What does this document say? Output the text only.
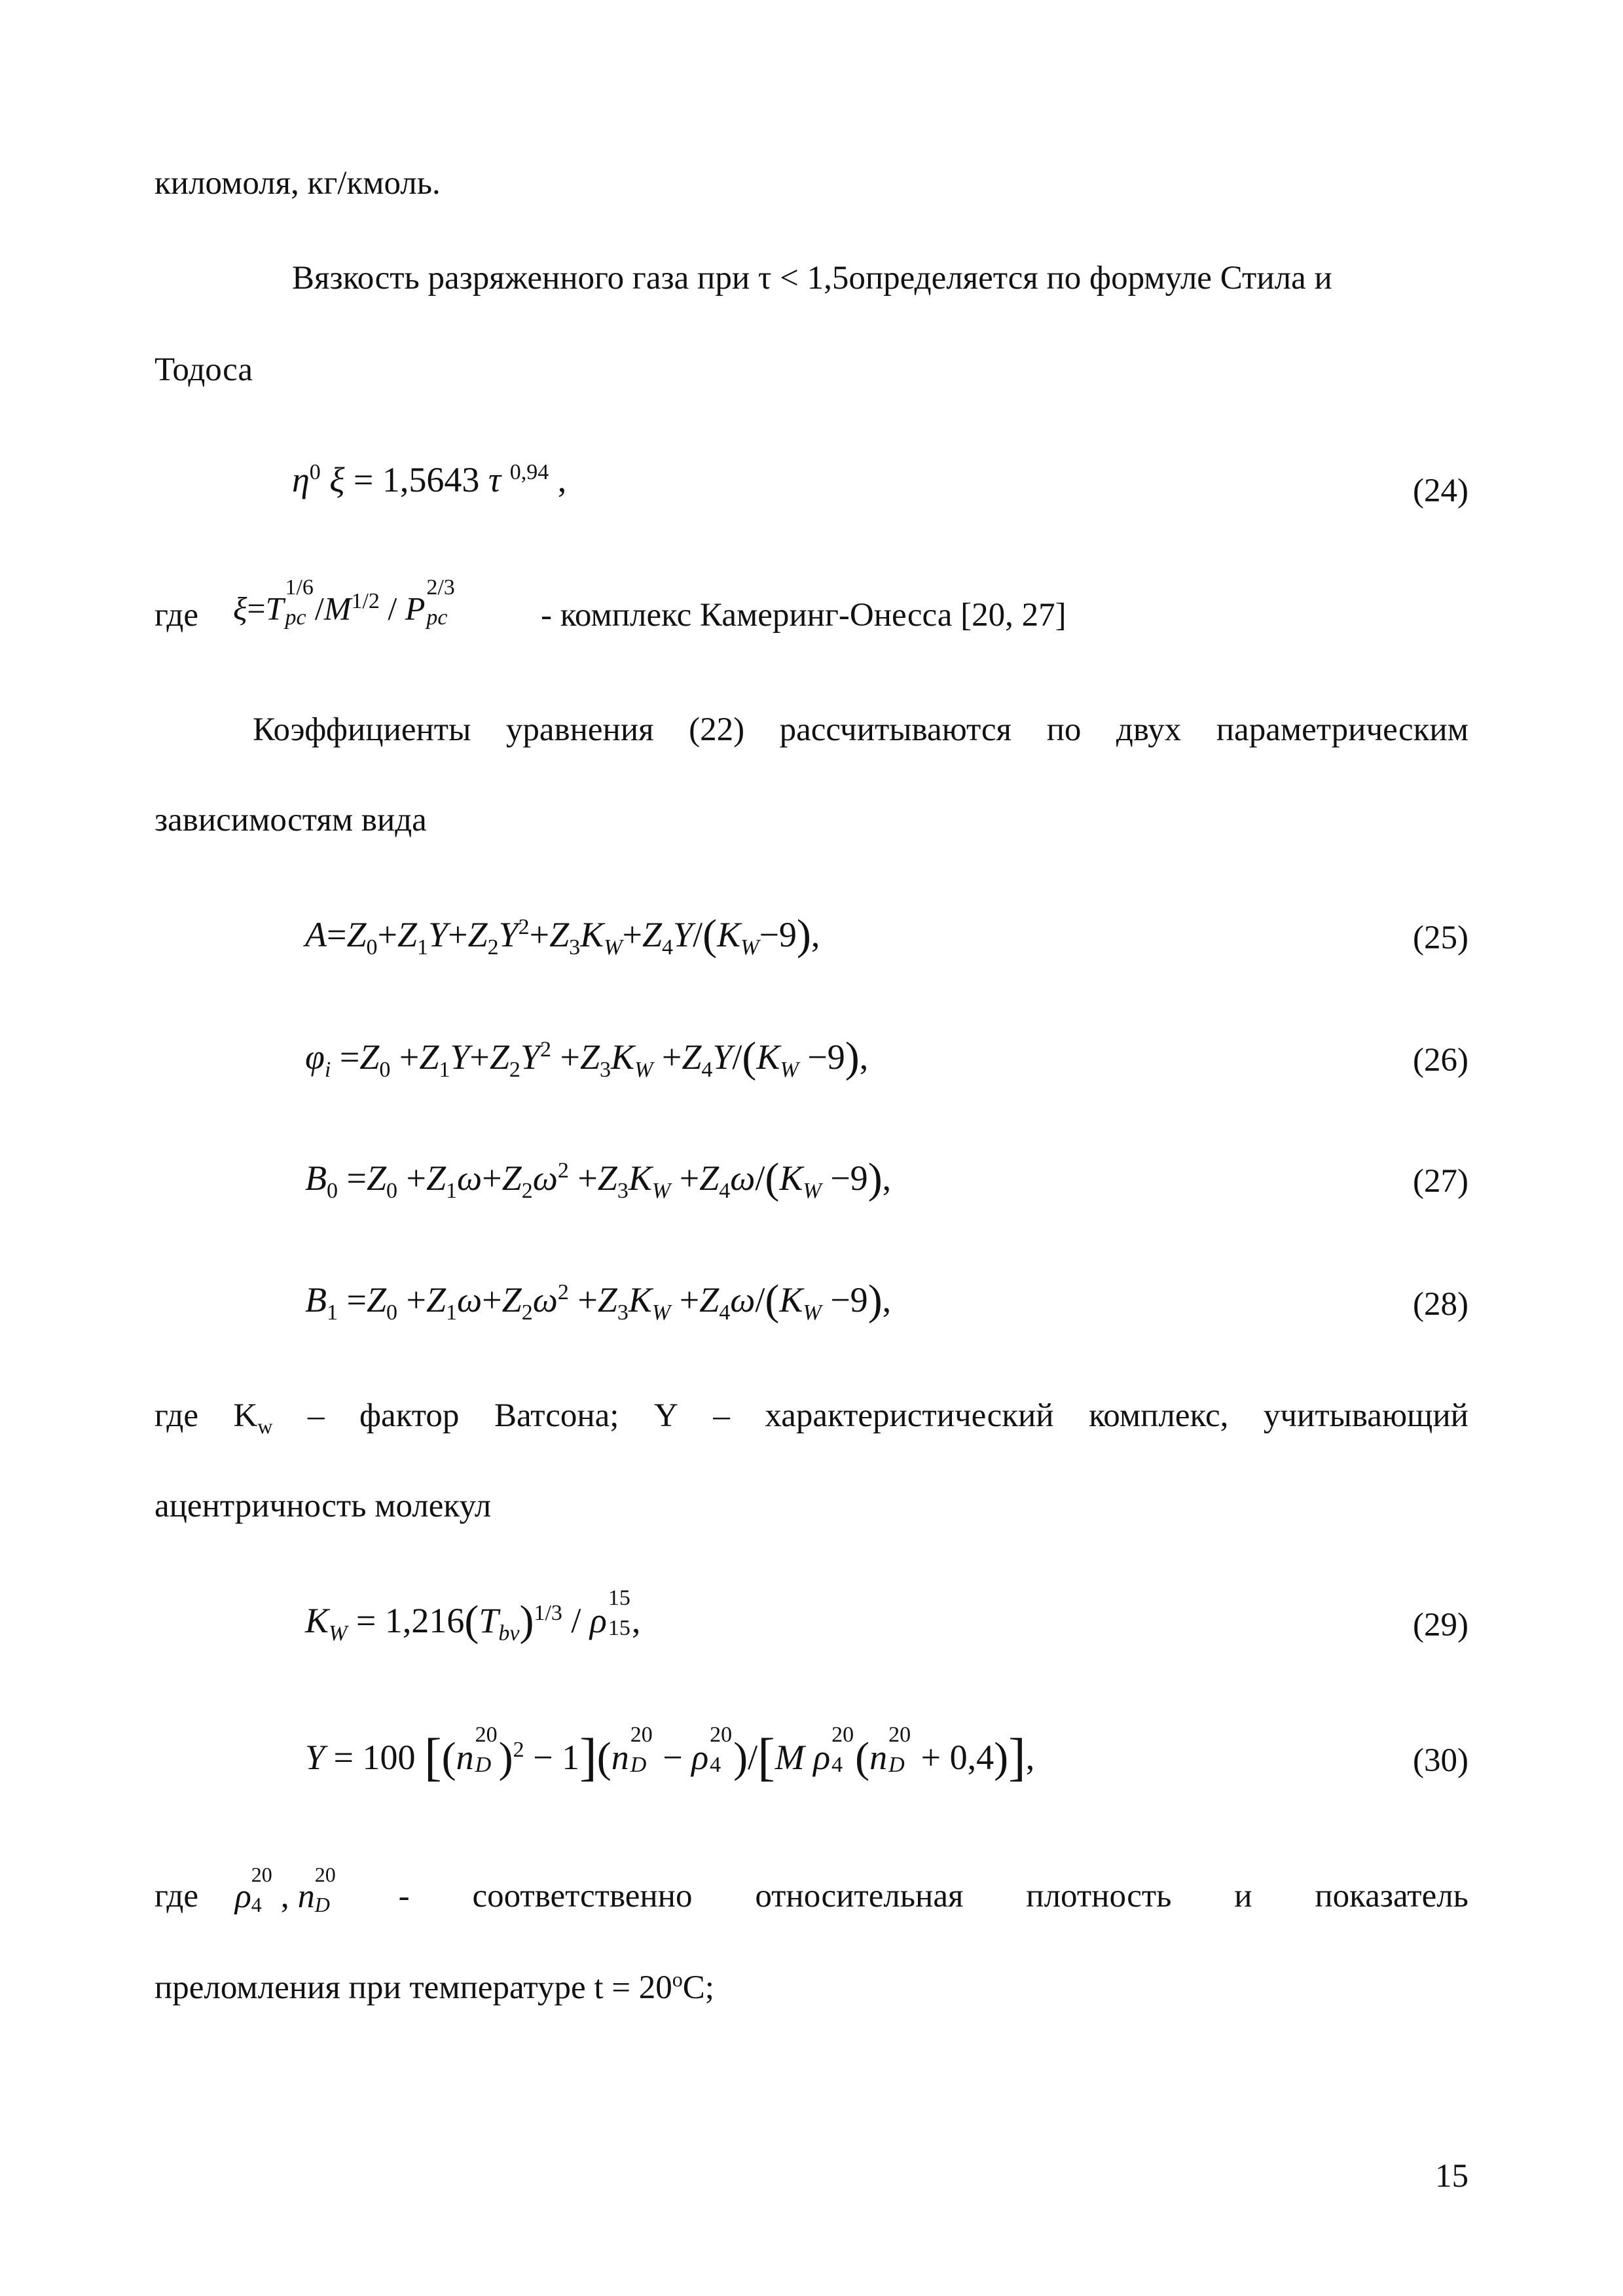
киломоля, кг/кмоль.
Вязкость разряженного газа при τ < 1,5определяется по формуле Стила и
Тодоса
$\eta^0$ ξ = 1,5643 τ $^{0,94}$ ,	(24)
где ξ=T
1/6
pc $/M^{1/2}$ / P
2/3
pc	- комплекс Камеринг-Онесса [20, 27]
Коэффициенты уравнения (22) рассчитываются по двух параметрическим
зависимостям вида
$A=Z_0+Z_1Y+Z_2Y^2+Z_3K_W+Z_4Y/(K_W-9)$,	(25)
$\varphi_i =Z_0 +Z_1Y+Z_2Y^2 +Z_3K_W +Z_4Y/(K_W -9)$,	(26)
$B_0 =Z_0 +Z_1\omega+Z_2\omega^2 +Z_3K_W +Z_4\omega/(K_W -9)$,	(27)
$B_1 =Z_0 +Z_1\omega+Z_2\omega^2 +Z_3K_W +Z_4\omega/(K_W -9)$,	(28)
где $K_w$ – фактор Ватсона; Y – характеристический комплекс, учитывающий
ацентричность молекул
$K_W = 1,216(T_{bv})^{1/3} / \rho$
15
15 ,	(29)
Y = 100 [(n
20
D )$^2$ − 1](n
20
D − ρ
20
4 )/[M ρ
20
4 (n
20
D + 0,4)],	(30)
где ρ
20
4 , n
20
D - соответственно относительная плотность и показатель
преломления при температуре $t = 20^oC$;
15
